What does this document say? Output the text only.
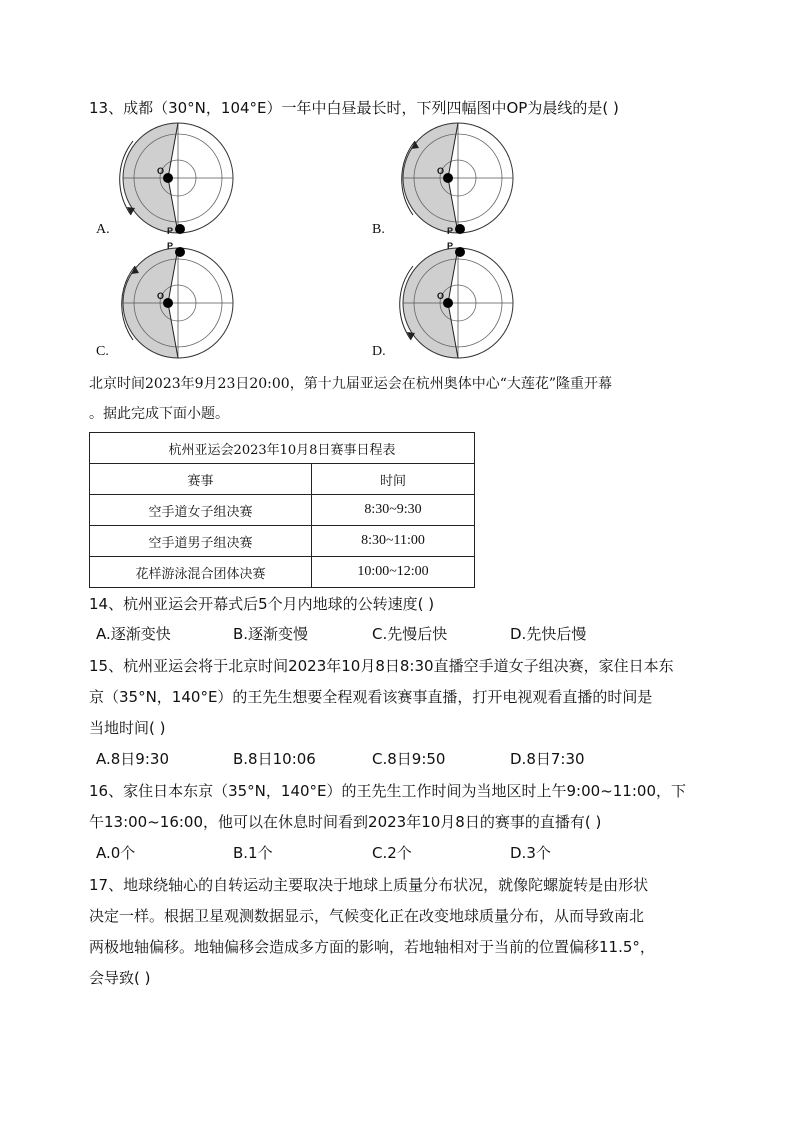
13、成都（30°N，104°E）一年中白昼最长时，下列四幅图中OP为晨线的是( )
O
P
A.
O
P
B.
O
P
C.
O
P
D.
北京时间2023年9月23日20:00，第十九届亚运会在杭州奥体中心“大莲花”隆重开幕
。据此完成下面小题。
杭州亚运会2023年10月8日赛事日程表	
赛事	时间
空手道女子组决赛	8:30~9:30
空手道男子组决赛	8:30~11:00
花样游泳混合团体决赛	10:00~12:00
14、杭州亚运会开幕式后5个月内地球的公转速度( )
A.逐渐变快	B.逐渐变慢	C.先慢后快	D.先快后慢
15、杭州亚运会将于北京时间2023年10月8日8:30直播空手道女子组决赛，家住日本东
京（35°N，140°E）的王先生想要全程观看该赛事直播，打开电视观看直播的时间是
当地时间( )
A.8日9:30	B.8日10:06	C.8日9:50	D.8日7:30
16、家住日本东京（35°N，140°E）的王先生工作时间为当地区时上午9:00~11:00，下
午13:00~16:00，他可以在休息时间看到2023年10月8日的赛事的直播有( )
A.0个	B.1个	C.2个	D.3个
17、地球绕轴心的自转运动主要取决于地球上质量分布状况，就像陀螺旋转是由形状
决定一样。根据卫星观测数据显示，气候变化正在改变地球质量分布，从而导致南北
两极地轴偏移。地轴偏移会造成多方面的影响，若地轴相对于当前的位置偏移11.5°，
会导致( )
